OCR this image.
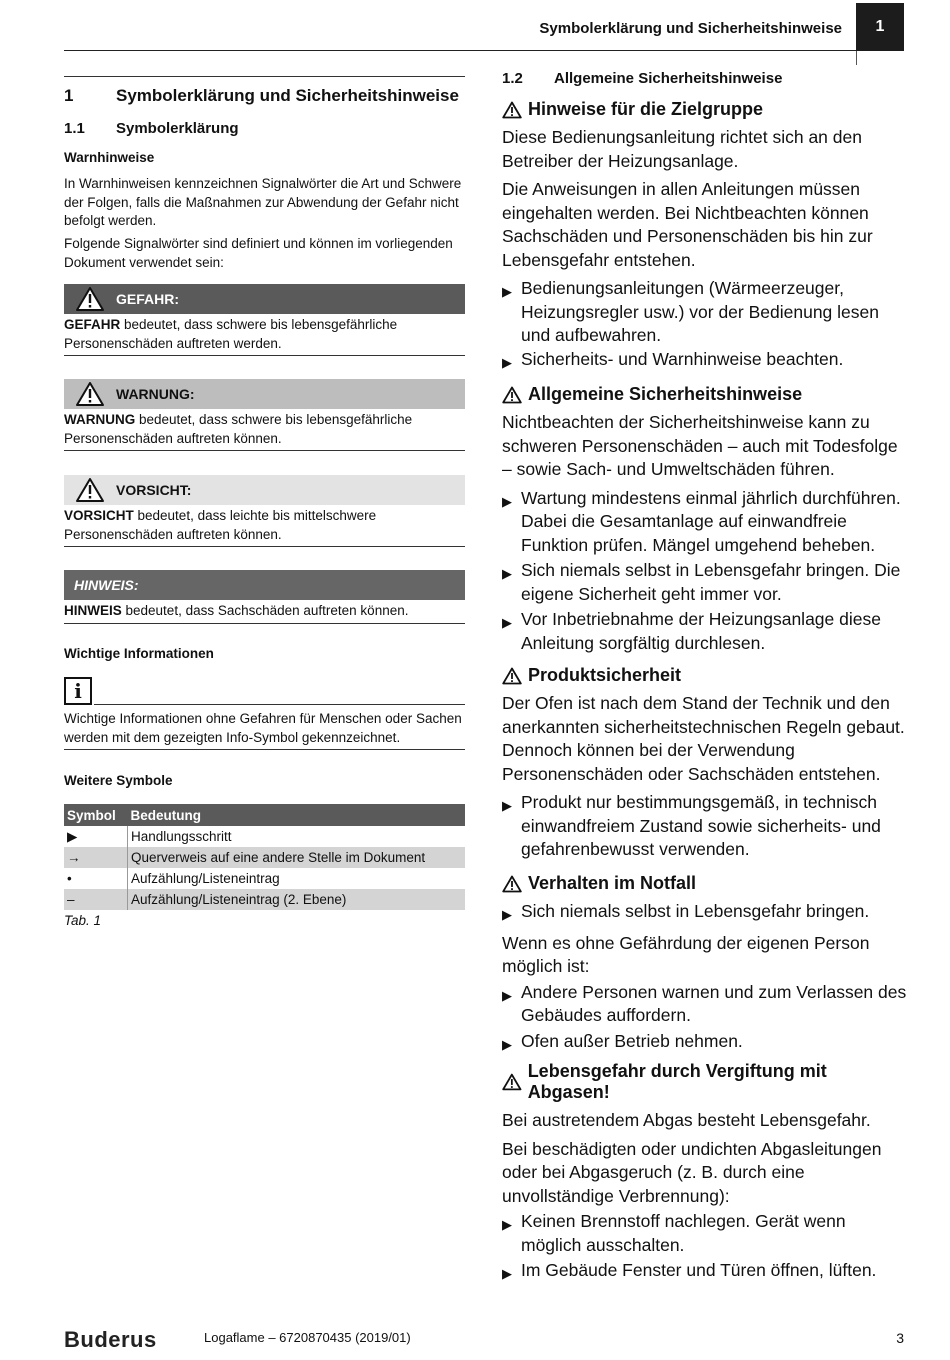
Symbolerklärung und Sicherheitshinweise	1
1	Symbolerklärung und Sicherheitshinweise
1.1 Symbolerklärung
Warnhinweise
In Warnhinweisen kennzeichnen Signalwörter die Art und Schwere der Folgen, falls die Maßnahmen zur Abwendung der Gefahr nicht befolgt werden.
Folgende Signalwörter sind definiert und können im vorliegenden Dokument verwendet sein:
GEFAHR:
GEFAHR bedeutet, dass schwere bis lebensgefährliche Personenschäden auftreten werden.
WARNUNG:
WARNUNG bedeutet, dass schwere bis lebensgefährliche Personenschäden auftreten können.
VORSICHT:
VORSICHT bedeutet, dass leichte bis mittelschwere Personenschäden auftreten können.
HINWEIS:
HINWEIS bedeutet, dass Sachschäden auftreten können.
Wichtige Informationen
i
Wichtige Informationen ohne Gefahren für Menschen oder Sachen werden mit dem gezeigten Info-Symbol gekennzeichnet.
Weitere Symbole
Symbol	Bedeutung
▶	Handlungsschritt
→	Querverweis auf eine andere Stelle im Dokument
•	Aufzählung/Listeneintrag
–	Aufzählung/Listeneintrag (2. Ebene)
Tab. 1
1.2 Allgemeine Sicherheitshinweise
Hinweise für die Zielgruppe
Diese Bedienungsanleitung richtet sich an den Betreiber der Heizungsanlage.
Die Anweisungen in allen Anleitungen müssen eingehalten werden. Bei Nichtbeachten können Sachschäden und Personenschäden bis hin zur Lebensgefahr entstehen.
▶ Bedienungsanleitungen (Wärmeerzeuger, Heizungsregler usw.) vor der Bedienung lesen und aufbewahren.
▶ Sicherheits- und Warnhinweise beachten.
Allgemeine Sicherheitshinweise
Nichtbeachten der Sicherheitshinweise kann zu schweren Personenschäden – auch mit Todesfolge – sowie Sach- und Umweltschäden führen.
▶ Wartung mindestens einmal jährlich durchführen. Dabei die Gesamtanlage auf einwandfreie Funktion prüfen. Mängel umgehend beheben.
▶ Sich niemals selbst in Lebensgefahr bringen. Die eigene Sicherheit geht immer vor.
▶ Vor Inbetriebnahme der Heizungsanlage diese Anleitung sorgfältig durchlesen.
Produktsicherheit
Der Ofen ist nach dem Stand der Technik und den anerkannten sicherheitstechnischen Regeln gebaut. Dennoch können bei der Verwendung Personenschäden oder Sachschäden entstehen.
▶ Produkt nur bestimmungsgemäß, in technisch einwandfreiem Zustand sowie sicherheits- und gefahrenbewusst verwenden.
Verhalten im Notfall
▶ Sich niemals selbst in Lebensgefahr bringen.
Wenn es ohne Gefährdung der eigenen Person möglich ist:
▶ Andere Personen warnen und zum Verlassen des Gebäudes auffordern.
▶ Ofen außer Betrieb nehmen.
Lebensgefahr durch Vergiftung mit Abgasen!
Bei austretendem Abgas besteht Lebensgefahr.
Bei beschädigten oder undichten Abgasleitungen oder bei Abgasgeruch (z. B. durch eine unvollständige Verbrennung):
▶ Keinen Brennstoff nachlegen. Gerät wenn möglich ausschalten.
▶ Im Gebäude Fenster und Türen öffnen, lüften.
Buderus	Logaflame – 6720870435 (2019/01)	3
